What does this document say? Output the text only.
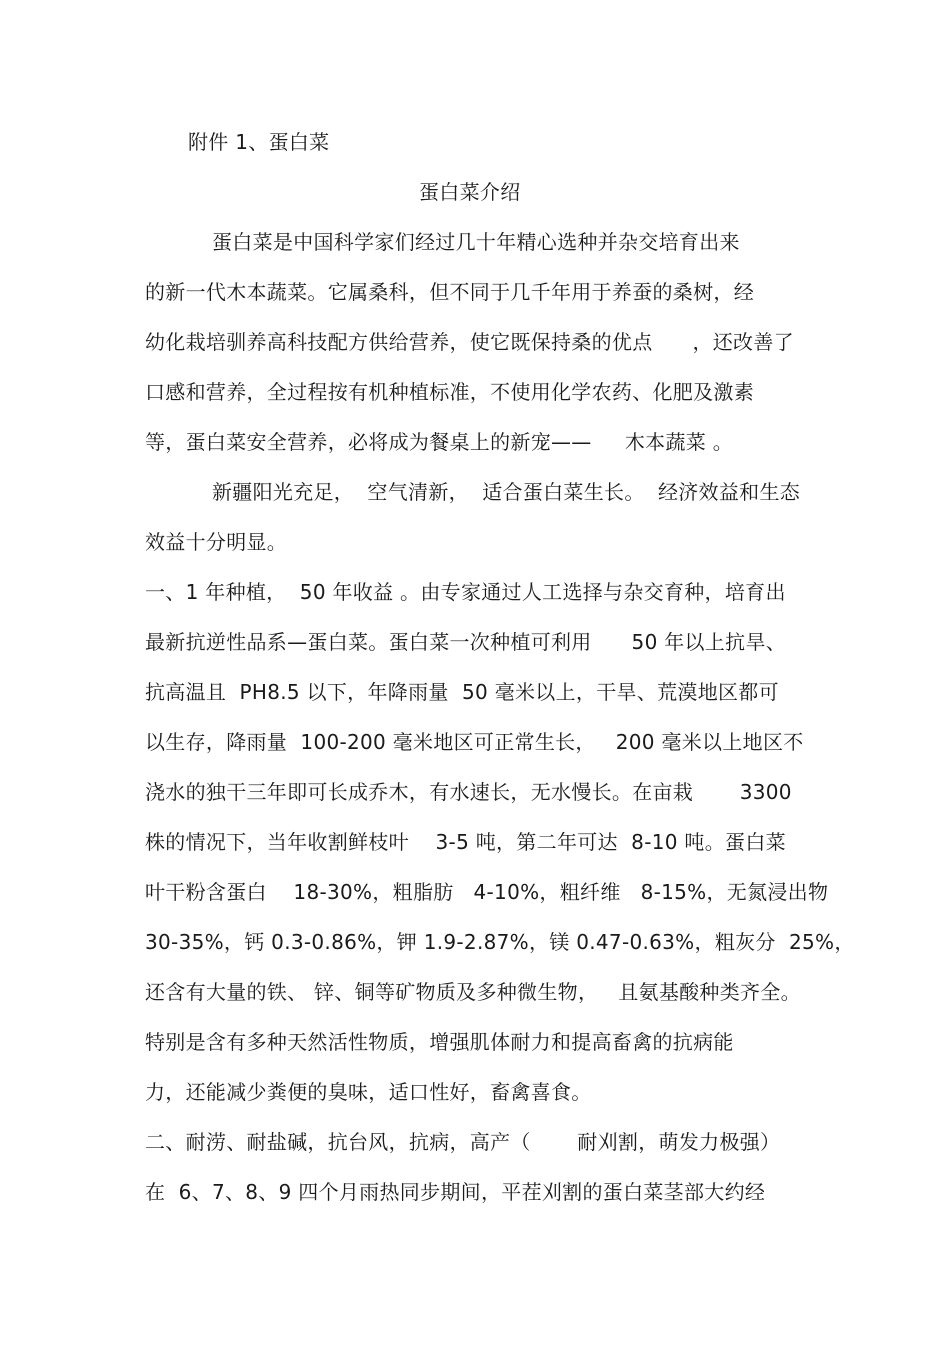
附件 1、蛋白菜
蛋白菜介绍
蛋白菜是中国科学家们经过几十年精心选种并杂交培育出来
的新一代木本蔬菜。它属桑科，但不同于几千年用于养蚕的桑树，经
幼化栽培驯养高科技配方供给营养，使它既保持桑的优点      ，还改善了
口感和营养，全过程按有机种植标准，不使用化学农药、化肥及激素
等，蛋白菜安全营养，必将成为餐桌上的新宠——     木本蔬菜 。
新疆阳光充足，  空气清新，  适合蛋白菜生长。  经济效益和生态
效益十分明显。
一、1 年种植，  50 年收益 。由专家通过人工选择与杂交育种，培育出
最新抗逆性品系—蛋白菜。蛋白菜一次种植可利用      50 年以上抗旱、
抗高温且  PH8.5 以下，年降雨量  50 毫米以上，干旱、荒漠地区都可
以生存，降雨量  100-200 毫米地区可正常生长，   200 毫米以上地区不
浇水的独干三年即可长成乔木，有水速长，无水慢长。在亩栽       3300
株的情况下，当年收割鲜枝叶    3-5 吨，第二年可达  8-10 吨。蛋白菜
叶干粉含蛋白    18-30%，粗脂肪   4-10%，粗纤维   8-15%，无氮浸出物
30-35%，钙 0.3-0.86%，钾 1.9-2.87%，镁 0.47-0.63%，粗灰分  25%，
还含有大量的铁、 锌、铜等矿物质及多种微生物，   且氨基酸种类齐全。
特别是含有多种天然活性物质，增强肌体耐力和提高畜禽的抗病能
力，还能减少粪便的臭味，适口性好，畜禽喜食。
二、耐涝、耐盐碱，抗台风，抗病，高产（       耐刈割，萌发力极强）
在  6、7、8、9 四个月雨热同步期间，平茬刈割的蛋白菜茎部大约经
